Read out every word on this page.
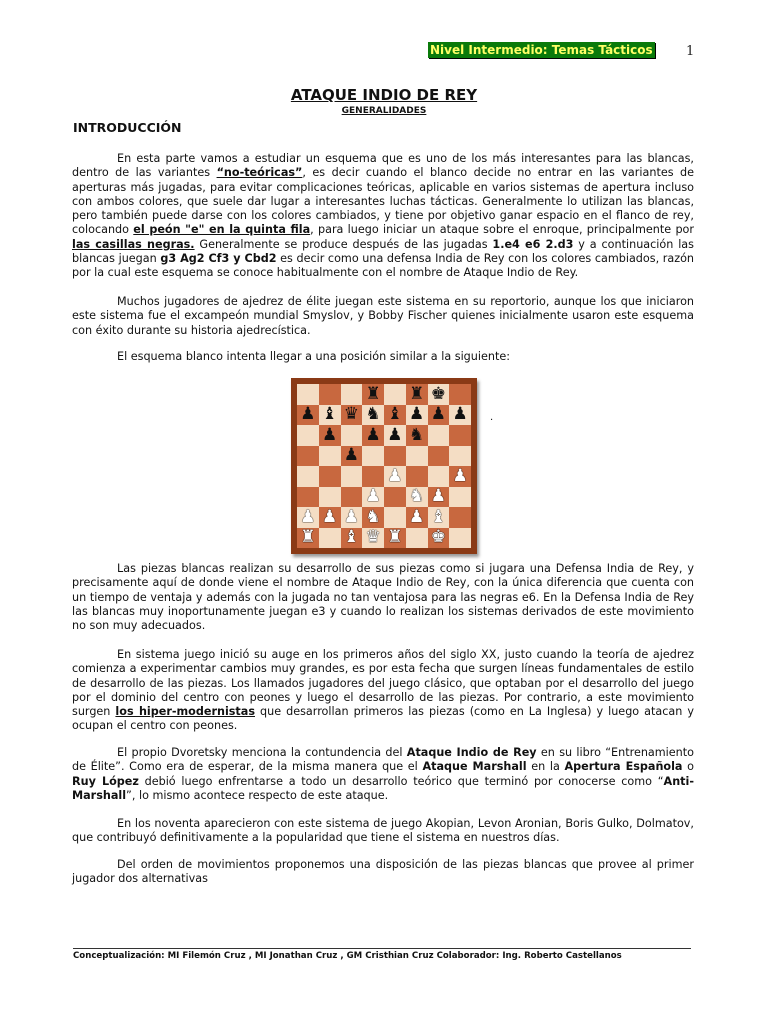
Nivel Intermedio: Temas Tácticos	1
ATAQUE INDIO DE REY
GENERALIDADES
INTRODUCCIÓN

En esta parte vamos a estudiar un esquema que es uno de los más interesantes para las blancas, dentro de las variantes “no-teóricas”, es decir cuando el blanco decide no entrar en las variantes de aperturas más jugadas, para evitar complicaciones teóricas, aplicable en varios sistemas de apertura incluso con ambos colores, que suele dar lugar a interesantes luchas tácticas. Generalmente lo utilizan las blancas, pero también puede darse con los colores cambiados, y tiene por objetivo ganar espacio en el flanco de rey, colocando el peón "e" en la quinta fila, para luego iniciar un ataque sobre el enroque, principalmente por las casillas negras. Generalmente se produce después de las jugadas 1.e4 e6 2.d3 y a continuación las blancas juegan g3 Ag2 Cf3 y Cbd2 es decir como una defensa India de Rey con los colores cambiados, razón por la cual este esquema se conoce habitualmente con el nombre de Ataque Indio de Rey.

Muchos jugadores de ajedrez de élite juegan este sistema en su reportorio, aunque los que iniciaron este sistema fue el excampeón mundial Smyslov, y Bobby Fischer quienes inicialmente usaron este esquema con éxito durante su historia ajedrecística.

El esquema blanco intenta llegar a una posición similar a la siguiente:

♜ ♜ ♚
♟ ♝ ♛ ♞ ♝ ♟ ♟ ♟
♟ ♟ ♟ ♞
♟
♟	♟
♟ ♞ ♟
♟ ♟ ♟ ♞ ♟ ♝
♜ ♝ ♛ ♜ ♚
.

Las piezas blancas realizan su desarrollo de sus piezas como si jugara una Defensa India de Rey, y precisamente aquí de donde viene el nombre de Ataque Indio de Rey, con la única diferencia que cuenta con un tiempo de ventaja y además con la jugada no tan ventajosa para las negras e6. En la Defensa India de Rey las blancas muy inoportunamente juegan e3 y cuando lo realizan los sistemas derivados de este movimiento no son muy adecuados.

En sistema juego inició su auge en los primeros años del siglo XX, justo cuando la teoría de ajedrez comienza a experimentar cambios muy grandes, es por esta fecha que surgen líneas fundamentales de estilo de desarrollo de las piezas. Los llamados jugadores del juego clásico, que optaban por el desarrollo del juego por el dominio del centro con peones y luego el desarrollo de las piezas. Por contrario, a este movimiento surgen los hiper-modernistas que desarrollan primeros las piezas (como en La Inglesa) y luego atacan y ocupan el centro con peones.

El propio Dvoretsky menciona la contundencia del Ataque Indio de Rey en su libro “Entrenamiento de Élite”. Como era de esperar, de la misma manera que el Ataque Marshall en la Apertura Española o Ruy López debió luego enfrentarse a todo un desarrollo teórico que terminó por conocerse como “Anti-Marshall”, lo mismo acontece respecto de este ataque.

En los noventa aparecieron con este sistema de juego Akopian, Levon Aronian, Boris Gulko, Dolmatov, que contribuyó definitivamente a la popularidad que tiene el sistema en nuestros días.

Del orden de movimientos proponemos una disposición de las piezas blancas que provee al primer jugador dos alternativas

Conceptualización: MI Filemón Cruz , MI Jonathan Cruz , GM Cristhian Cruz Colaborador: Ing. Roberto Castellanos
